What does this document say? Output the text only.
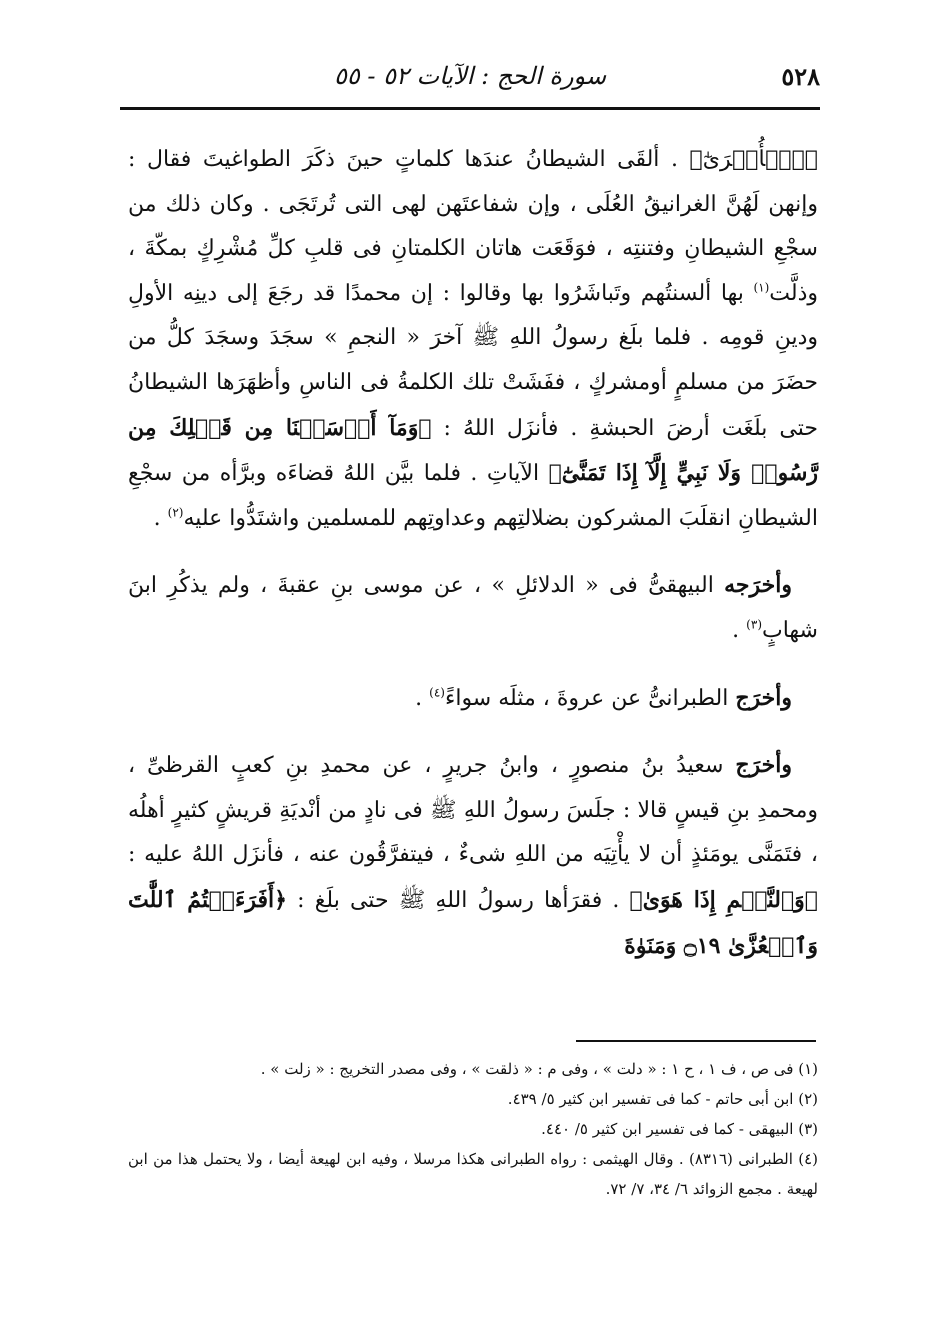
٥٢٨
سورة الحج : الآيات ٥٢ - ٥٥

﴿ٱلۡأُخۡرَىٰٓ﴾ . ألقَى الشيطانُ عندَها كلماتٍ حينَ ذكَرَ الطواغيتَ فقال : وإنهن لَهُنَّ الغرانيقُ العُلَى ، وإن شفاعتَهن لهى التى تُرتَجَى . وكان ذلك من سجْعِ الشيطانِ وفتنتِه ، فوَقَعَت هاتان الكلمتانِ فى قلبِ كلِّ مُشْرِكٍ بمكّةَ ، وذلَّت$^{(١)}$ بها ألسنتُهم وتَباشَرُوا بها وقالوا : إن محمدًا قد رجَعَ إلى دينِه الأولِ ودينِ قومِه . فلما بلَغ رسولُ اللهِ ﷺ آخرَ « النجمِ » سجَدَ وسجَدَ كلُّ من حضَرَ من مسلمٍ أومشركٍ ، ففَشَتْ تلك الكلمةُ فى الناسِ وأظهَرَها الشيطانُ حتى بلَغَت أرضَ الحبشةِ . فأنزَل اللهُ : ﴿وَمَآ أَرۡسَلۡنَا مِن قَبۡلِكَ مِن رَّسُولٖ وَلَا نَبِيٍّ إِلَّآ إِذَا تَمَنَّىٰٓ﴾ الآياتِ . فلما بيَّن اللهُ قضاءَه وبرَّأه من سجْعِ الشيطانِ انقلَبَ المشركون بضلالتِهم وعداوتِهم للمسلمين واشتَدُّوا عليه$^{(٢)}$ .

وأخرَجه البيهقىُّ فى « الدلائلِ » ، عن موسى بنِ عقبةَ ، ولم يذكُرِ ابنَ شهابٍ$^{(٣)}$ .

وأخرَج الطبرانىُّ عن عروةَ ، مثلَه سواءً$^{(٤)}$ .

وأخرَج سعيدُ بنُ منصورٍ ، وابنُ جريرٍ ، عن محمدِ بنِ كعبٍ القرظىِّ ، ومحمدِ بنِ قيسٍ قالا : جلَسَ رسولُ اللهِ ﷺ فى نادٍ من أنْديَةِ قريشٍ كثيرٍ أهلُه ، فتَمَنَّى يومَئذٍ أن لا يأْتِيَه من اللهِ شىءٌ ، فيتفرَّقُون عنه ، فأنزَل اللهُ عليه : ﴿وَٱلنَّجۡمِ إِذَا هَوَىٰ﴾ . فقرَأها رسولُ اللهِ ﷺ حتى بلَغ : ﴿أَفَرَءَيۡتُمُ ٱللَّٰتَ وَٱلۡعُزَّىٰ ۝١٩ وَمَنَوٰةَ

(١) فى ص ، ف ١ ، ح ١ : « دلت » ، وفى م : « ذلقت » ، وفى مصدر التخريج : « زلت » .

(٢) ابن أبى حاتم - كما فى تفسير ابن كثير ٥/ ٤٣٩.

(٣) البيهقى - كما فى تفسير ابن كثير ٥/ ٤٤٠.

(٤) الطبرانى (٨٣١٦) . وقال الهيثمى : رواه الطبرانى هكذا مرسلا ، وفيه ابن لهيعة أيضا ، ولا يحتمل هذا من ابن لهيعة . مجمع الزوائد ٦/ ٣٤، ٧/ ٧٢.
